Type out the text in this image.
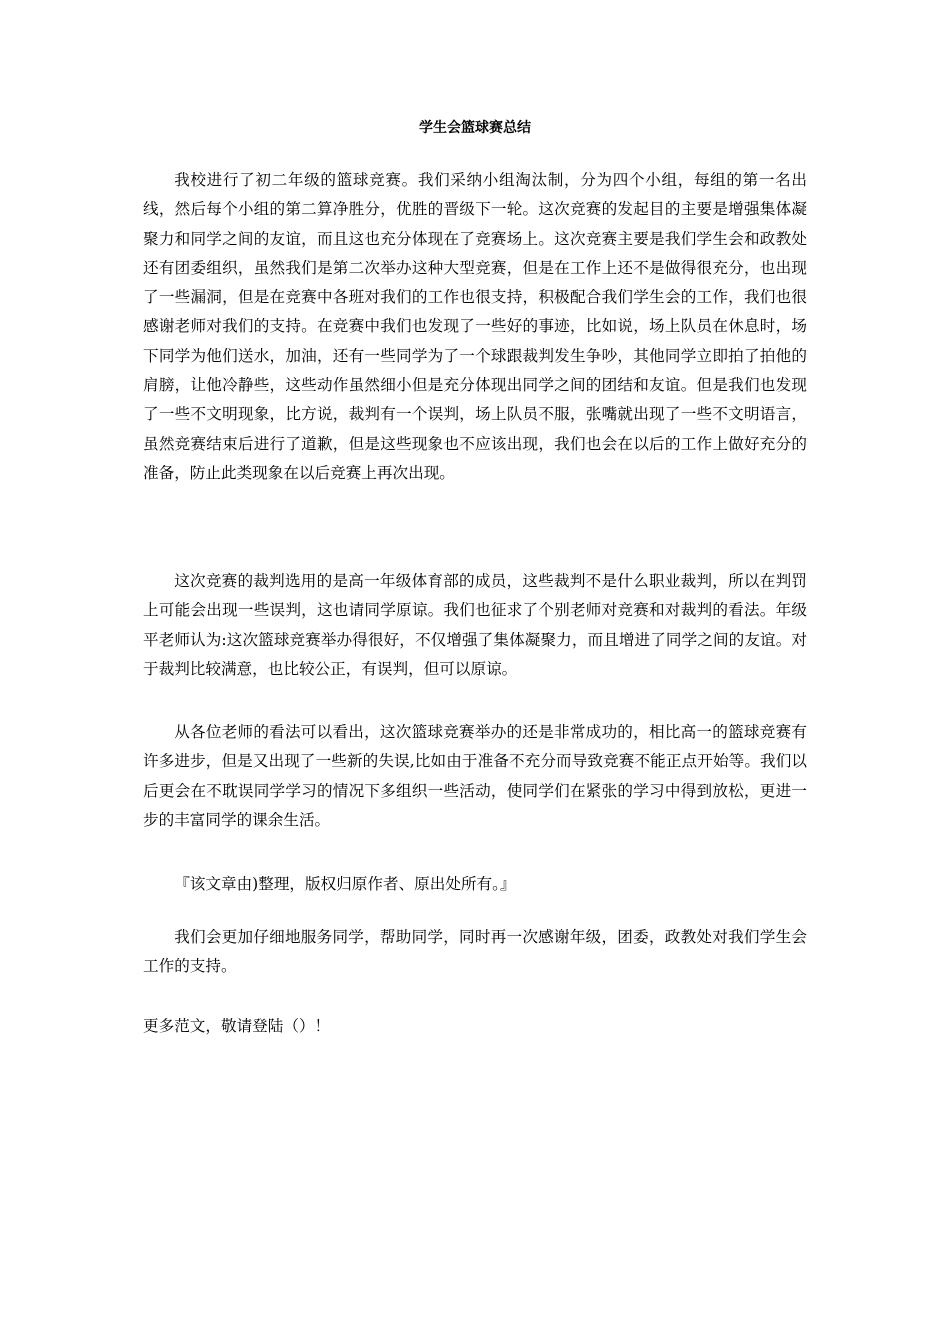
学生会篮球赛总结

我校进行了初二年级的篮球竞赛。我们采纳小组淘汰制，分为四个小组，每组的第一名出线，然后每个小组的第二算净胜分，优胜的晋级下一轮。这次竞赛的发起目的主要是增强集体凝聚力和同学之间的友谊，而且这也充分体现在了竞赛场上。这次竞赛主要是我们学生会和政教处还有团委组织，虽然我们是第二次举办这种大型竞赛，但是在工作上还不是做得很充分，也出现了一些漏洞，但是在竞赛中各班对我们的工作也很支持，积极配合我们学生会的工作，我们也很感谢老师对我们的支持。在竞赛中我们也发现了一些好的事迹，比如说，场上队员在休息时，场下同学为他们送水，加油，还有一些同学为了一个球跟裁判发生争吵，其他同学立即拍了拍他的肩膀，让他冷静些，这些动作虽然细小但是充分体现出同学之间的团结和友谊。但是我们也发现了一些不文明现象，比方说，裁判有一个误判，场上队员不服，张嘴就出现了一些不文明语言，虽然竞赛结束后进行了道歉，但是这些现象也不应该出现，我们也会在以后的工作上做好充分的准备，防止此类现象在以后竞赛上再次出现。

这次竞赛的裁判选用的是高一年级体育部的成员，这些裁判不是什么职业裁判，所以在判罚上可能会出现一些误判，这也请同学原谅。我们也征求了个别老师对竞赛和对裁判的看法。年级平老师认为:这次篮球竞赛举办得很好，不仅增强了集体凝聚力，而且增进了同学之间的友谊。对于裁判比较满意，也比较公正，有误判，但可以原谅。

从各位老师的看法可以看出，这次篮球竞赛举办的还是非常成功的，相比高一的篮球竞赛有许多进步，但是又出现了一些新的失误,比如由于准备不充分而导致竞赛不能正点开始等。我们以后更会在不耽误同学学习的情况下多组织一些活动，使同学们在紧张的学习中得到放松，更进一步的丰富同学的课余生活。

『该文章由)整理，版权归原作者、原出处所有。』

我们会更加仔细地服务同学，帮助同学，同时再一次感谢年级，团委，政教处对我们学生会工作的支持。

更多范文，敬请登陆（）！
